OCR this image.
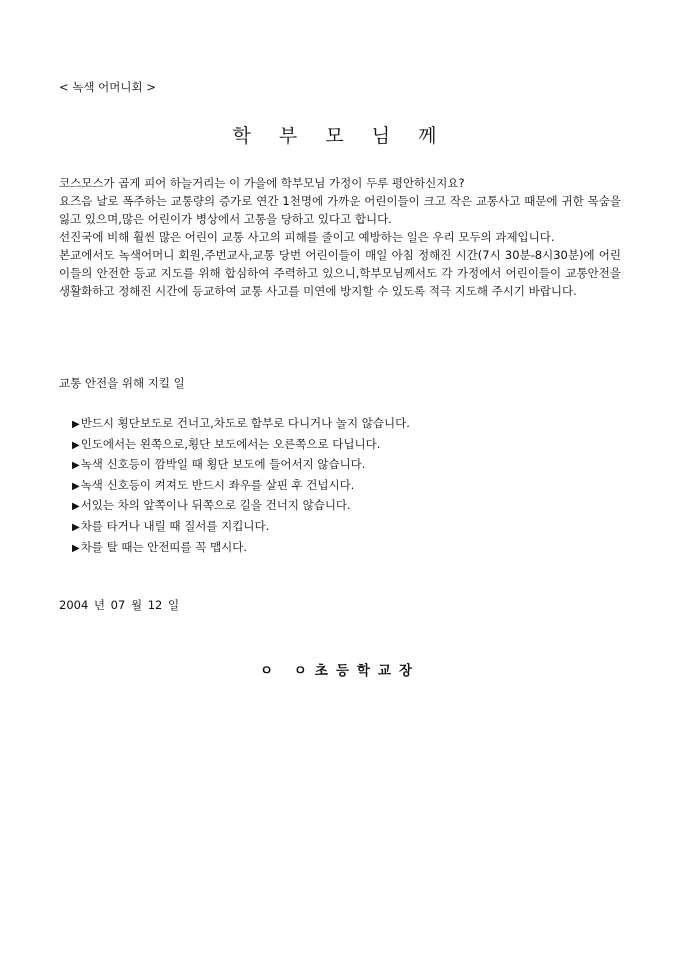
< 녹색 어머니회 >
학 부 모 님 께

코스모스가 곱게 피어 하늘거리는 이 가을에 학부모님 가정이 두루 평안하신지요?

요즈음 날로 폭주하는 교통량의 증가로 연간 1천명에 가까운 어린이들이 크고 작은 교통사고 때문에 귀한 목숨을 잃고 있으며,많은 어린이가 병상에서 고통을 당하고 있다고 합니다.

선진국에 비해 훨씬 많은 어린이 교통 사고의 피해를 줄이고 예방하는 일은 우리 모두의 과제입니다.

본교에서도 녹색어머니 회원,주번교사,교통 당번 어린이들이 매일 아침 정해진 시간(7시 30분-8시30분)에 어린이들의 안전한 등교 지도를 위해 합심하여 주력하고 있으니,학부모님께서도 각 가정에서 어린이들이 교통안전을 생활화하고 정해진 시간에 등교하여 교통 사고를 미연에 방지할 수 있도록 적극 지도해 주시기 바랍니다.

교통 안전을 위해 지킬 일
▶반드시 횡단보도로 건너고,차도로 함부로 다니거나 놀지 않습니다.
▶인도에서는 왼쪽으로,횡단 보도에서는 오른쪽으로 다닙니다.
▶녹색 신호등이 깜박일 때 횡단 보도에 들어서지 않습니다.
▶녹색 신호등이 켜져도 반드시 좌우를 살핀 후 건넙시다.
▶서있는 차의 앞쪽이나 뒤쪽으로 길을 건너지 않습니다.
▶차를 타거나 내릴 때 질서를 지킵니다.
▶차를 탈 때는 안전띠를 꼭 맵시다.
2004 년 07 월 12 일
ㅇ ㅇ초등학교장
